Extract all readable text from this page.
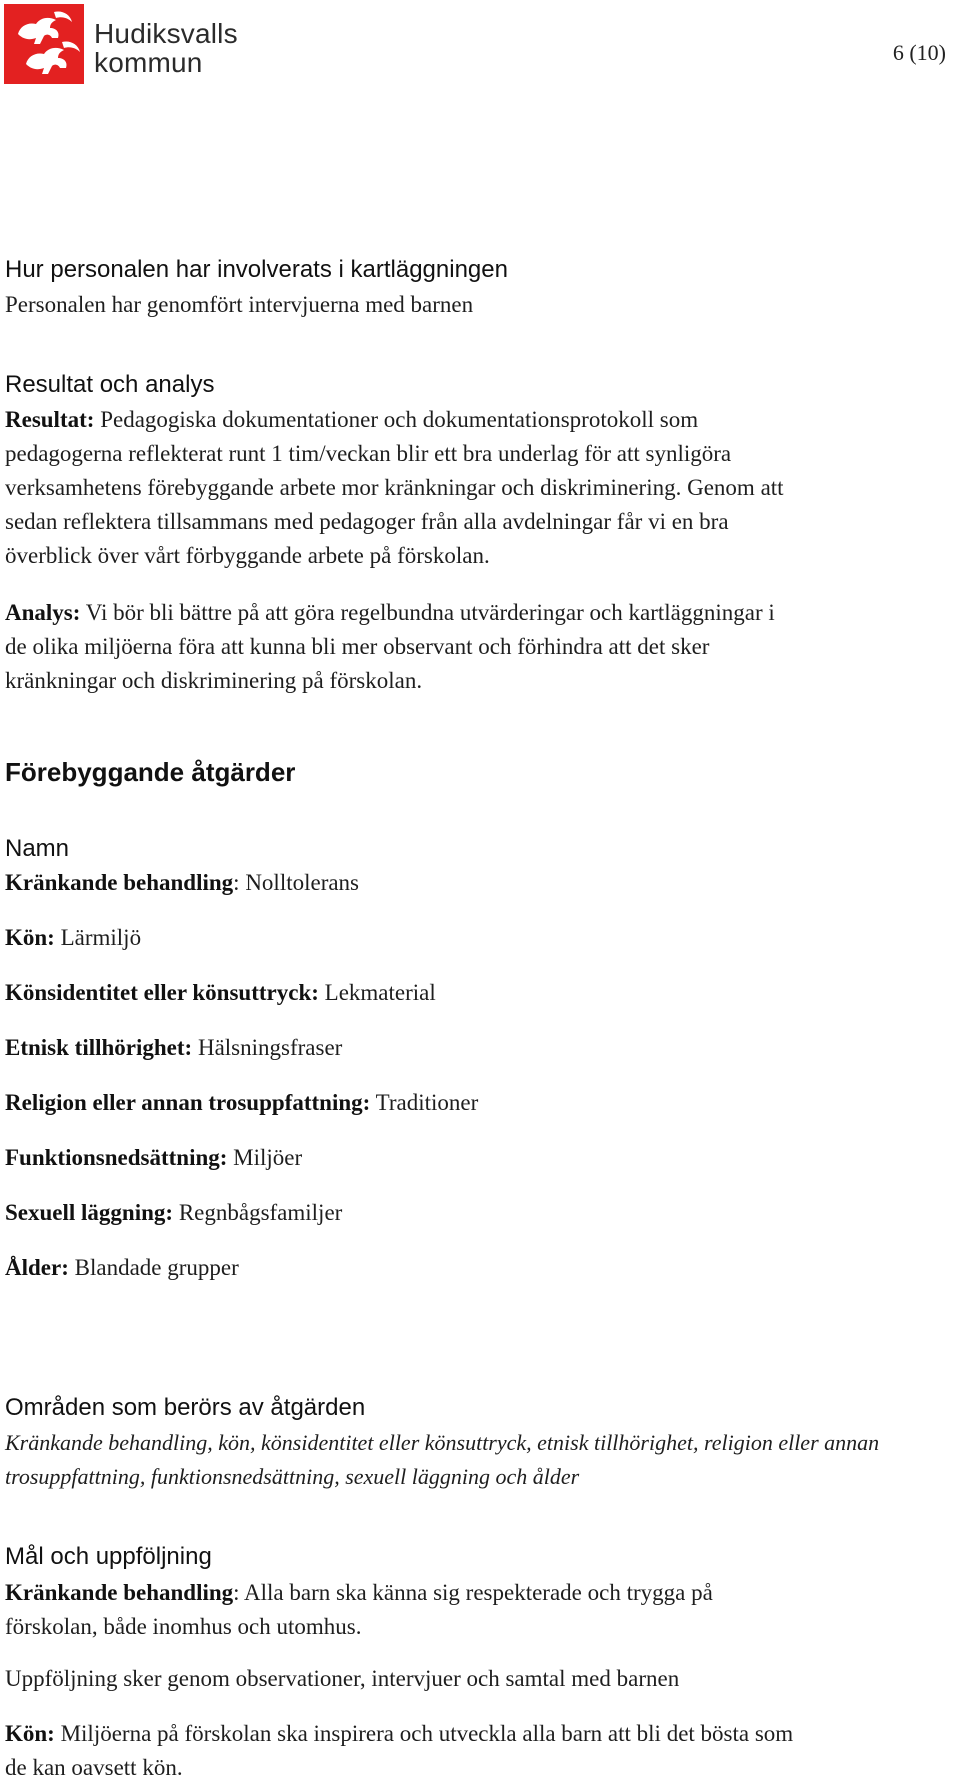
Hudiksvalls
kommun	6 (10)
Hur personalen har involverats i kartläggningen
Personalen har genomfört intervjuerna med barnen
Resultat och analys
Resultat: Pedagogiska dokumentationer och dokumentationsprotokoll som
pedagogerna reflekterat runt 1 tim/veckan blir ett bra underlag för att synligöra
verksamhetens förebyggande arbete mor kränkningar och diskriminering. Genom att
sedan reflektera tillsammans med pedagoger från alla avdelningar får vi en bra
överblick över vårt förbyggande arbete på förskolan.
Analys: Vi bör bli bättre på att göra regelbundna utvärderingar och kartläggningar i
de olika miljöerna föra att kunna bli mer observant och förhindra att det sker
kränkningar och diskriminering på förskolan.
Förebyggande åtgärder
Namn
Kränkande behandling: Nolltolerans
Kön: Lärmiljö
Könsidentitet eller könsuttryck: Lekmaterial
Etnisk tillhörighet: Hälsningsfraser
Religion eller annan trosuppfattning: Traditioner
Funktionsnedsättning: Miljöer
Sexuell läggning: Regnbågsfamiljer
Ålder: Blandade grupper
Områden som berörs av åtgärden
Kränkande behandling, kön, könsidentitet eller könsuttryck, etnisk tillhörighet, religion eller annan
trosuppfattning, funktionsnedsättning, sexuell läggning och ålder
Mål och uppföljning
Kränkande behandling: Alla barn ska känna sig respekterade och trygga på
förskolan, både inomhus och utomhus.
Uppföljning sker genom observationer, intervjuer och samtal med barnen
Kön: Miljöerna på förskolan ska inspirera och utveckla alla barn att bli det bösta som
de kan oavsett kön.
